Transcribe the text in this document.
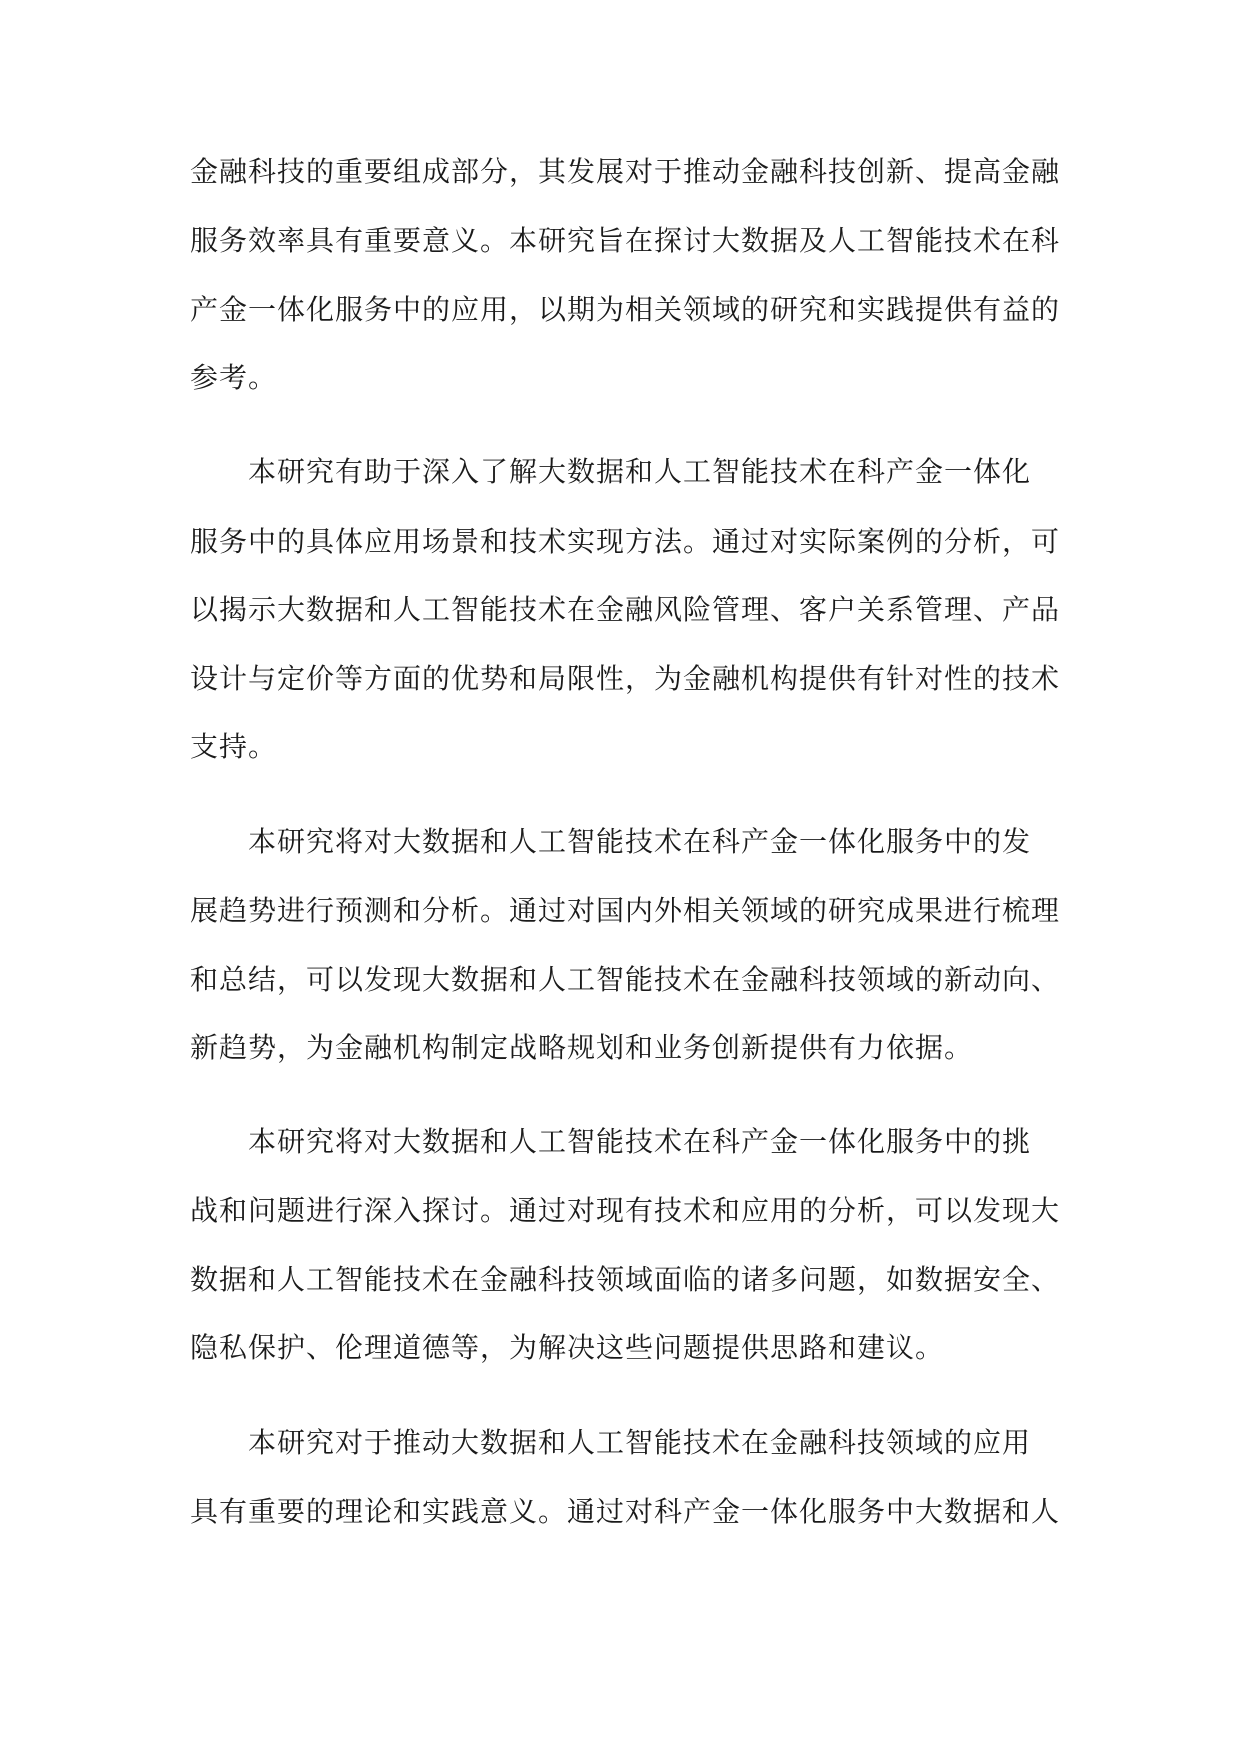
金融科技的重要组成部分，其发展对于推动金融科技创新、提高金融
服务效率具有重要意义。本研究旨在探讨大数据及人工智能技术在科
产金一体化服务中的应用，以期为相关领域的研究和实践提供有益的
参考。
本研究有助于深入了解大数据和人工智能技术在科产金一体化
服务中的具体应用场景和技术实现方法。通过对实际案例的分析，可
以揭示大数据和人工智能技术在金融风险管理、客户关系管理、产品
设计与定价等方面的优势和局限性，为金融机构提供有针对性的技术
支持。
本研究将对大数据和人工智能技术在科产金一体化服务中的发
展趋势进行预测和分析。通过对国内外相关领域的研究成果进行梳理
和总结，可以发现大数据和人工智能技术在金融科技领域的新动向、
新趋势，为金融机构制定战略规划和业务创新提供有力依据。
本研究将对大数据和人工智能技术在科产金一体化服务中的挑
战和问题进行深入探讨。通过对现有技术和应用的分析，可以发现大
数据和人工智能技术在金融科技领域面临的诸多问题，如数据安全、
隐私保护、伦理道德等，为解决这些问题提供思路和建议。
本研究对于推动大数据和人工智能技术在金融科技领域的应用
具有重要的理论和实践意义。通过对科产金一体化服务中大数据和人
